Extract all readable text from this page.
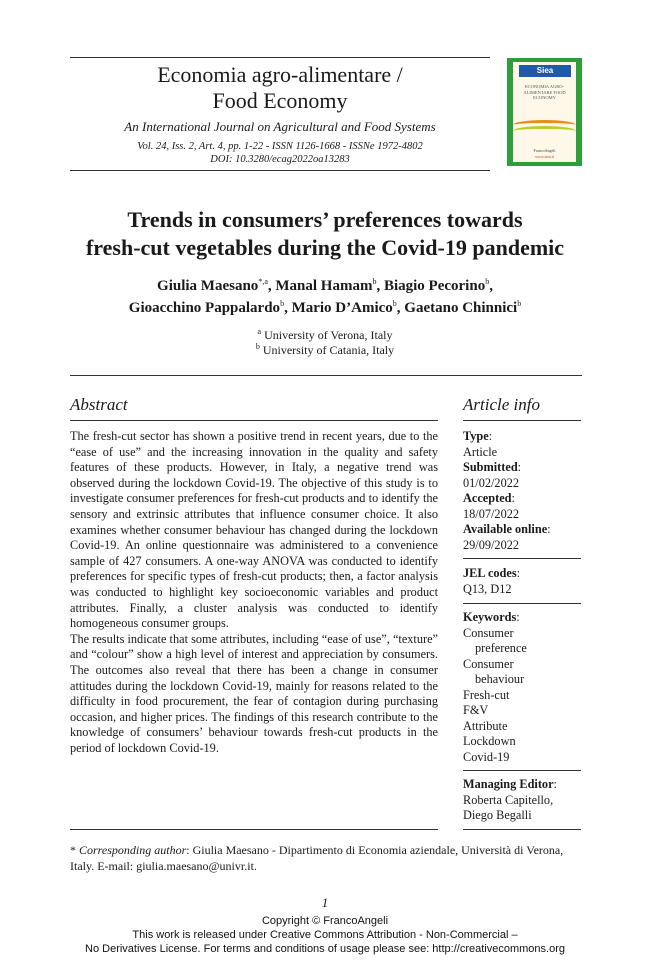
Economia agro-alimentare /
Food Economy
An International Journal on Agricultural and Food Systems
Vol. 24, Iss. 2, Art. 4, pp. 1-22 - ISSN 1126-1668 - ISSNe 1972-4802
DOI: 10.3280/ecag2022oa13283
Siea
ECONOMIA AGRO-ALIMENTARE FOOD ECONOMY
FrancoAngeli
www.siea.it
Trends in consumers’ preferences towards
fresh-cut vegetables during the Covid-19 pandemic
Giulia Maesano$^{*,a}$, Manal Hamam$^b$, Biagio Pecorino$^b$,
Gioacchino Pappalardo$^b$, Mario D’Amico$^b$, Gaetano Chinnici$^b$
$^a$ University of Verona, Italy
$^b$ University of Catania, Italy
Abstract	Article info

The fresh-cut sector has shown a positive trend in recent years, due to the “ease of use” and the increasing innovation in the quality and safety features of these products. However, in Italy, a negative trend was observed during the lockdown Covid-19. The objective of this study is to investigate consumer preferences for fresh-cut products and to identify the sensory and extrinsic attributes that influence consumer choice. It also examines whether consumer behaviour has changed during the lockdown Covid-19. An online questionnaire was administered to a convenience sample of 427 consumers. A one-way ANOVA was conducted to identify preferences for specific types of fresh-cut products; then, a factor analysis was conducted to highlight key socioeconomic variables and product attributes. Finally, a cluster analysis was conducted to identify homogeneous consumer groups.

The results indicate that some attributes, including “ease of use”, “texture” and “colour” show a high level of interest and appreciation by consumers. The outcomes also reveal that there has been a change in consumer attitudes during the lockdown Covid-19, mainly for reasons related to the difficulty in food procurement, the fear of contagion during purchasing occasion, and higher prices. The findings of this research contribute to the knowledge of consumers’ behaviour towards fresh-cut products in the period of lockdown Covid-19.

Type:
Article
Submitted:
01/02/2022
Accepted:
18/07/2022
Available online:
29/09/2022
JEL codes:
Q13, D12
Keywords:
Consumer
preference
Consumer
behaviour
Fresh-cut
F&V
Attribute
Lockdown
Covid-19
Managing Editor:
Roberta Capitello,
Diego Begalli
* Corresponding author: Giulia Maesano - Dipartimento di Economia aziendale, Università di Verona, Italy. E-mail: giulia.maesano@univr.it.
1
Copyright © FrancoAngeli
This work is released under Creative Commons Attribution - Non-Commercial –
No Derivatives License. For terms and conditions of usage please see: http://creativecommons.org
